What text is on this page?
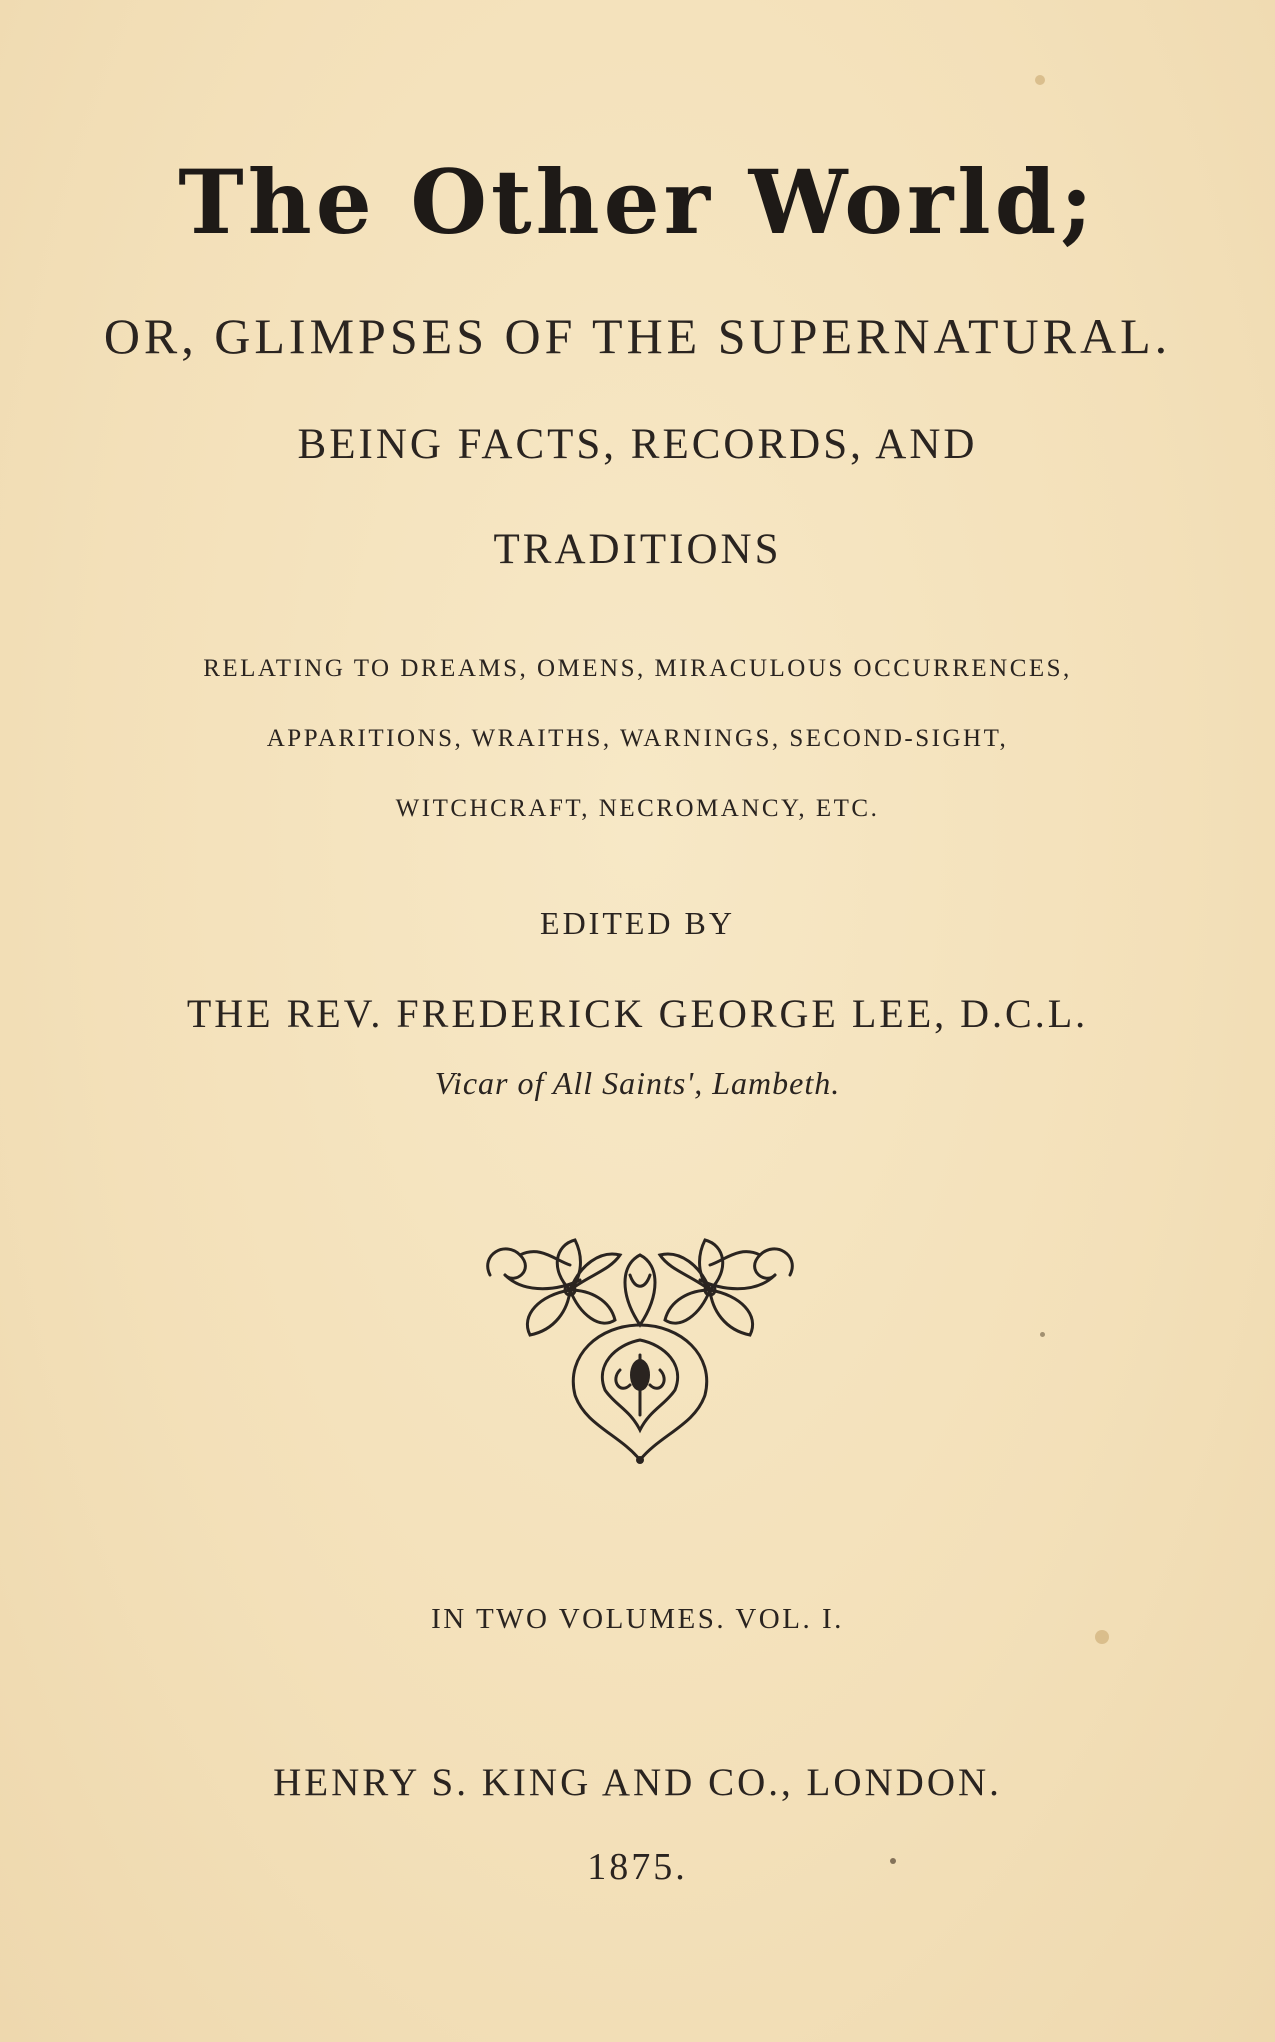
The Other World;
OR, GLIMPSES OF THE SUPERNATURAL.
BEING FACTS, RECORDS, AND
TRADITIONS
RELATING TO DREAMS, OMENS, MIRACULOUS OCCURRENCES,
APPARITIONS, WRAITHS, WARNINGS, SECOND-SIGHT,
WITCHCRAFT, NECROMANCY, ETC.
EDITED BY
THE REV. FREDERICK GEORGE LEE, D.C.L.
Vicar of All Saints', Lambeth.
IN TWO VOLUMES. VOL. I.
HENRY S. KING AND CO., LONDON.
1875.
